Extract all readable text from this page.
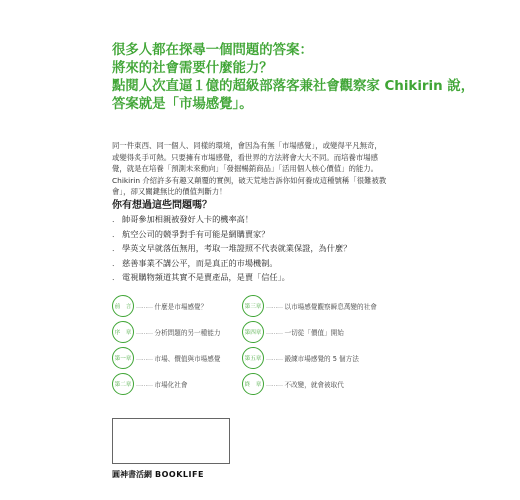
很多人都在探尋一個問題的答案：
將來的社會需要什麼能力？
點閱人次直逼１億的超級部落客兼社會觀察家 Chikirin 說，
答案就是「市場感覺」。
同一件東西、同一個人、同樣的環境，會因為有無「市場感覺」，或變得平凡無奇，
或變得炙手可熱。只要擁有市場感覺，看世界的方法將會大大不同。而培養市場感
覺，就是在培養「預測未來動向」「發掘暢銷商品」「活用個人核心價值」的能力。
Chikirin 介紹許多有趣又顛覆的實例，破天荒地告訴你如何養成這種號稱「很難被教
會」，卻又關鍵無比的價值判斷力！
你有想過這些問題嗎？
． 帥哥參加相親被發好人卡的機率高！
． 航空公司的競爭對手有可能是網購賣家？
． 學英文早就落伍無用，考取一堆證照不代表就業保證，為什麼？
． 慈善事業不講公平，而是真正的市場機制。
． 電視購物頻道其實不是賣產品，是賣「信任」。
前　言 ……… 什麼是市場感覺？
序　章 ……… 分析問題的另一種能力
第一章 ……… 市場、價值與市場感覺
第二章 ……… 市場化社會
第三章 ……… 以市場感覺觀察瞬息萬變的社會
第四章 ……… 一切從「價值」開始
第五章 ……… 鍛練市場感覺的 5 個方法
終　章 ……… 不改變，就會被取代
圓神書活網 BOOKLIFE
